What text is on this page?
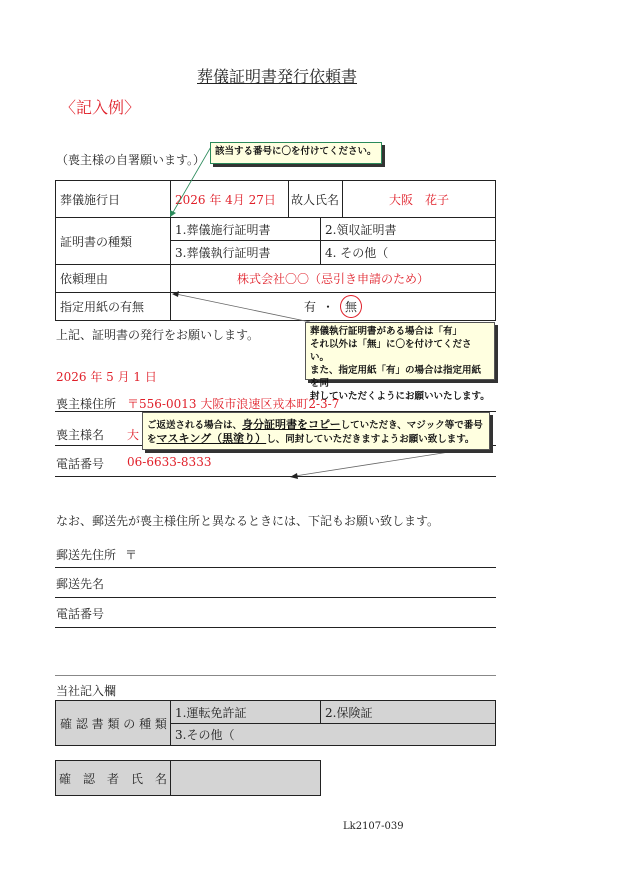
葬儀証明書発行依頼書
〈記入例〉
（喪主様の自署願います。）
葬儀施行日	2026 年 4月 27日	故人氏名	大阪　花子
証明書の種類
1.葬儀施行証明書	2.領収証明書
3.葬儀執行証明書	4. その他（
依頼理由	株式会社〇〇（忌引き申請のため）
指定用紙の有無	有 ・ 無
上記、証明書の発行をお願いします。
2026 年 5 月 1 日
喪主様住所 〒556-0013 大阪市浪速区戎本町2-3-7
喪主様名 大
電話番号 06-6633-8333
なお、郵送先が喪主様住所と異なるときには、下記もお願い致します。
郵送先住所 〒
郵送先名
電話番号
当社記入欄
確 認 書 類 の 種 類
1.運転免許証	2.保険証
3.その他（
確　認　者　氏　名
Lk2107-039
該当する番号に〇を付けてください。
葬儀執行証明書がある場合は「有」
それ以外は「無」に〇を付けてください。
また、指定用紙「有」の場合は指定用紙を同
封していただくようにお願いいたします。
ご返送される場合は、身分証明書をコピーしていただき、マジック等で番号
をマスキング（黒塗り）し、同封していただきますようお願い致します。
